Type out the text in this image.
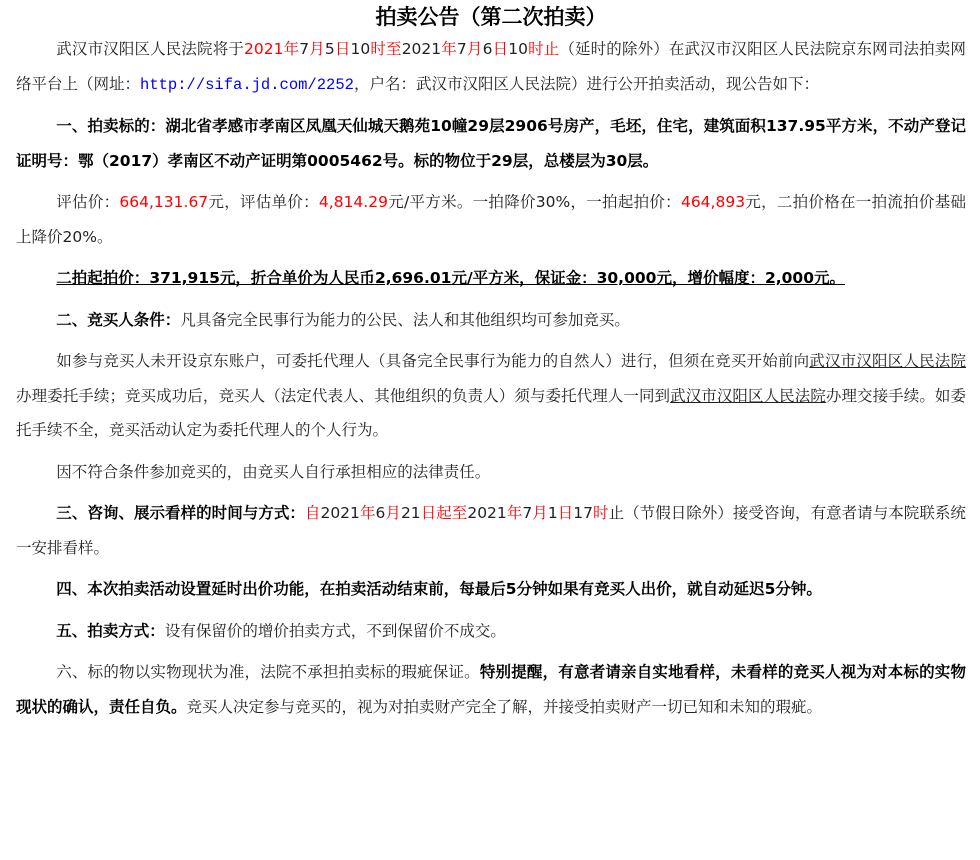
拍卖公告（第二次拍卖）

武汉市汉阳区人民法院将于2021年7月5日10时至2021年7月6日10时止（延时的除外）在武汉市汉阳区人民法院京东网司法拍卖网络平台上（网址：http://sifa.jd.com/2252，户名：武汉市汉阳区人民法院）进行公开拍卖活动，现公告如下：

一、拍卖标的：湖北省孝感市孝南区凤凰天仙城天鹅苑10幢29层2906号房产，毛坯，住宅，建筑面积137.95平方米，不动产登记证明号：鄂（2017）孝南区不动产证明第0005462号。标的物位于29层，总楼层为30层。

评估价：664,131.67元，评估单价：4,814.29元/平方米。一拍降价30%，一拍起拍价：464,893元，二拍价格在一拍流拍价基础上降价20%。

二拍起拍价：371,915元，折合单价为人民币2,696.01元/平方米，保证金：30,000元，增价幅度：2,000元。

二、竞买人条件：凡具备完全民事行为能力的公民、法人和其他组织均可参加竞买。

如参与竞买人未开设京东账户，可委托代理人（具备完全民事行为能力的自然人）进行，但须在竞买开始前向武汉市汉阳区人民法院办理委托手续；竞买成功后，竞买人（法定代表人、其他组织的负责人）须与委托代理人一同到武汉市汉阳区人民法院办理交接手续。如委托手续不全，竞买活动认定为委托代理人的个人行为。

因不符合条件参加竞买的，由竞买人自行承担相应的法律责任。

三、咨询、展示看样的时间与方式：自2021年6月21日起至2021年7月1日17时止（节假日除外）接受咨询，有意者请与本院联系统一安排看样。

四、本次拍卖活动设置延时出价功能，在拍卖活动结束前，每最后5分钟如果有竞买人出价，就自动延迟5分钟。

五、拍卖方式：设有保留价的增价拍卖方式，不到保留价不成交。

六、标的物以实物现状为准，法院不承担拍卖标的瑕疵保证。特别提醒，有意者请亲自实地看样，未看样的竞买人视为对本标的实物现状的确认，责任自负。竞买人决定参与竞买的，视为对拍卖财产完全了解，并接受拍卖财产一切已知和未知的瑕疵。
